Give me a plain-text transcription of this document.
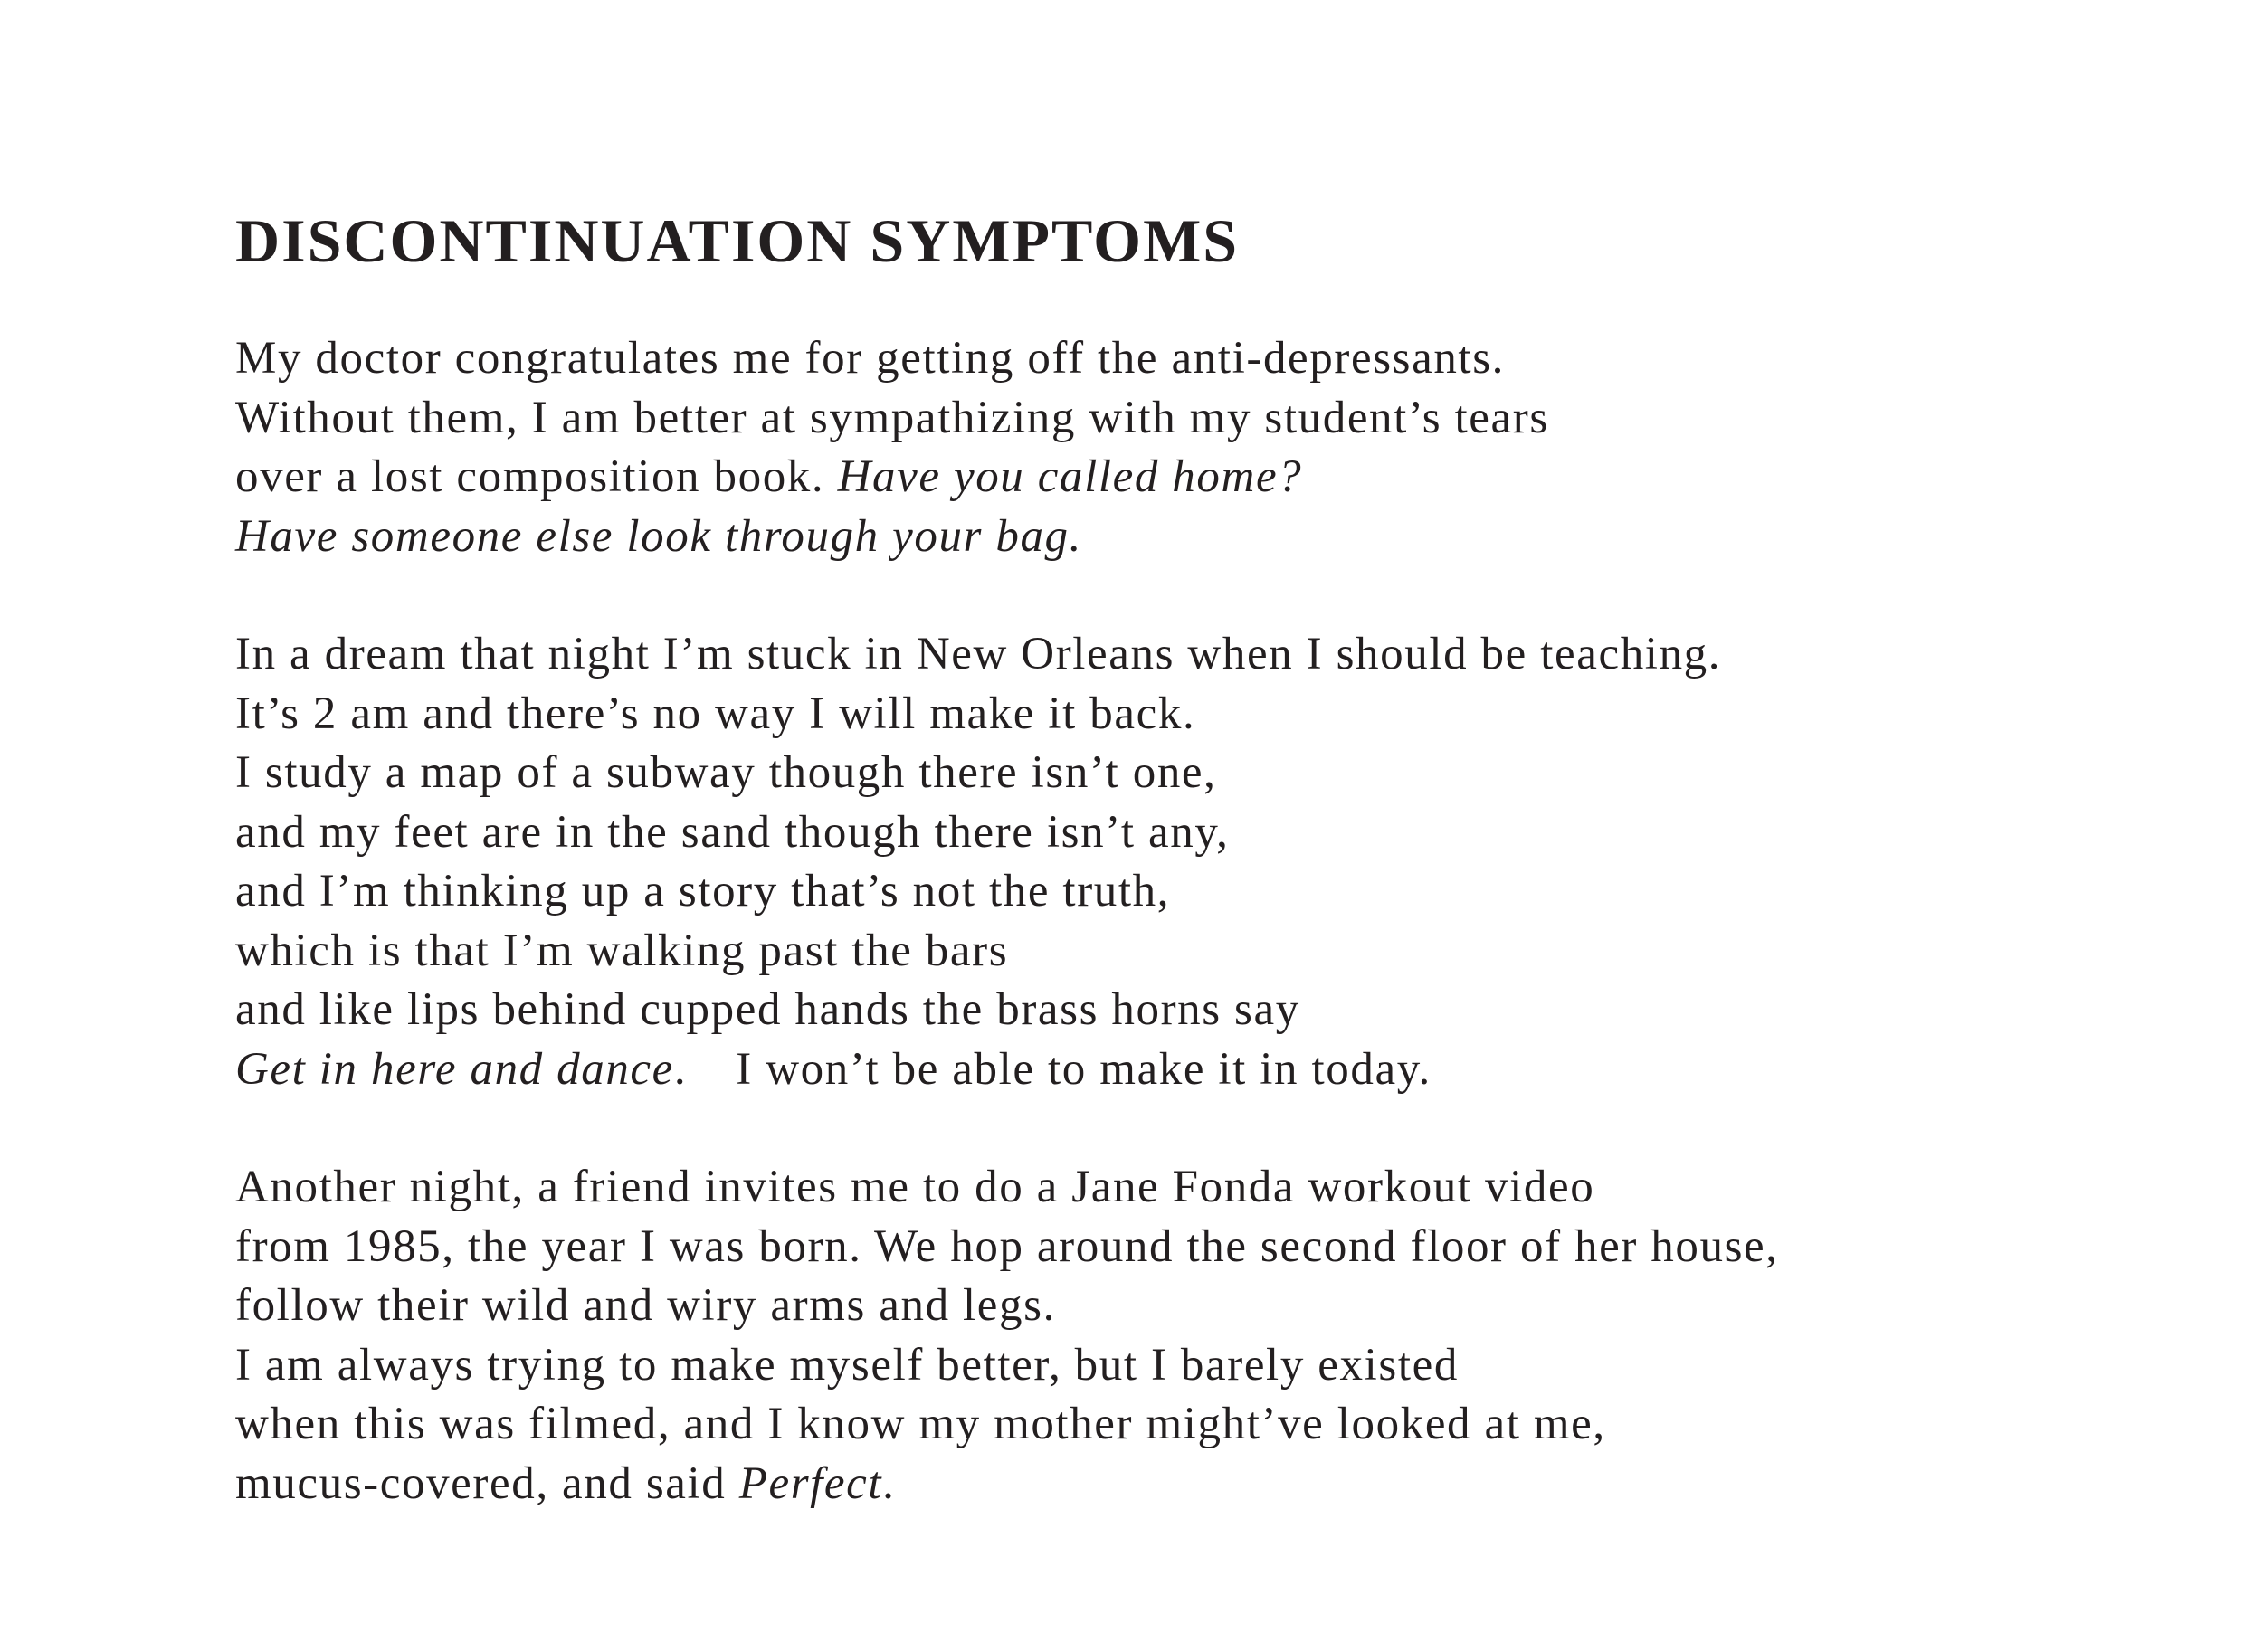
DISCONTINUATION SYMPTOMS
My doctor congratulates me for getting off the anti-depressants.
Without them, I am better at sympathizing with my student’s tears
over a lost composition book. Have you called home?
Have someone else look through your bag.
In a dream that night I’m stuck in New Orleans when I should be teaching.
It’s 2 am and there’s no way I will make it back.
I study a map of a subway though there isn’t one,
and my feet are in the sand though there isn’t any,
and I’m thinking up a story that’s not the truth,
which is that I’m walking past the bars
and like lips behind cupped hands the brass horns say
Get in here and dance. I won’t be able to make it in today.
Another night, a friend invites me to do a Jane Fonda workout video
from 1985, the year I was born. We hop around the second floor of her house,
follow their wild and wiry arms and legs.
I am always trying to make myself better, but I barely existed
when this was filmed, and I know my mother might’ve looked at me,
mucus-covered, and said Perfect.
